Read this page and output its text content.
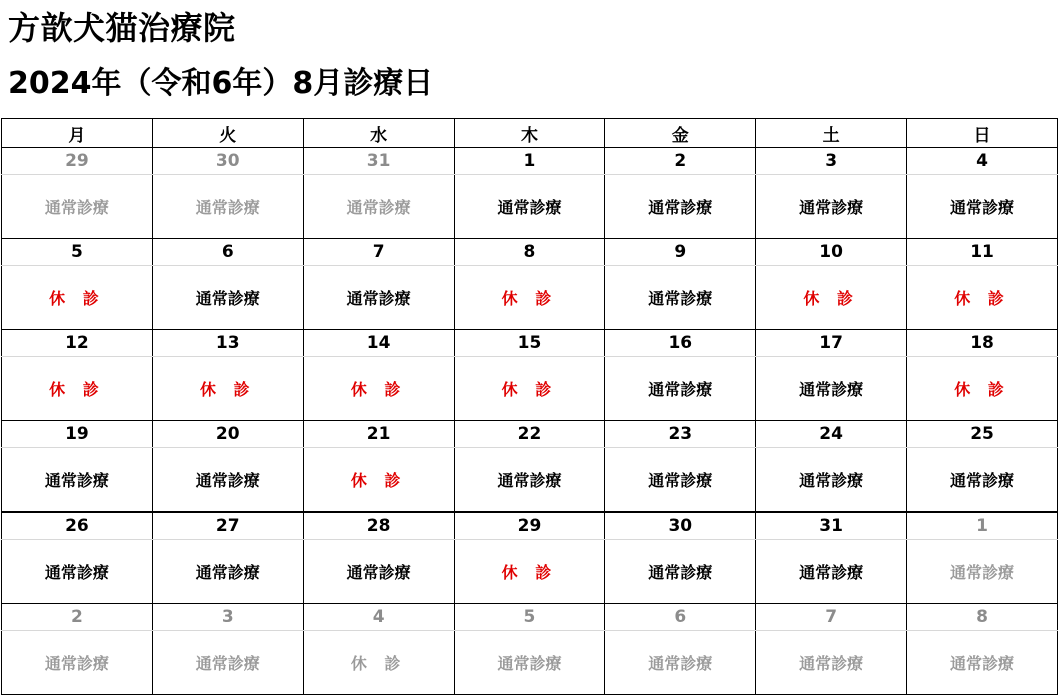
方歆犬猫治療院
2024年（令和6年）8月診療日
月	火	水	木	金	土	日
29	30	31	1	2	3	4
通常診療	通常診療	通常診療	通常診療	通常診療	通常診療	通常診療
5	6	7	8	9	10	11
休 診	通常診療	通常診療	休 診	通常診療	休 診	休 診
12	13	14	15	16	17	18
休 診	休 診	休 診	休 診	通常診療	通常診療	休 診
19	20	21	22	23	24	25
通常診療	通常診療	休 診	通常診療	通常診療	通常診療	通常診療
26	27	28	29	30	31	1
通常診療	通常診療	通常診療	休 診	通常診療	通常診療	通常診療
2	3	4	5	6	7	8
通常診療	通常診療	休 診	通常診療	通常診療	通常診療	通常診療
